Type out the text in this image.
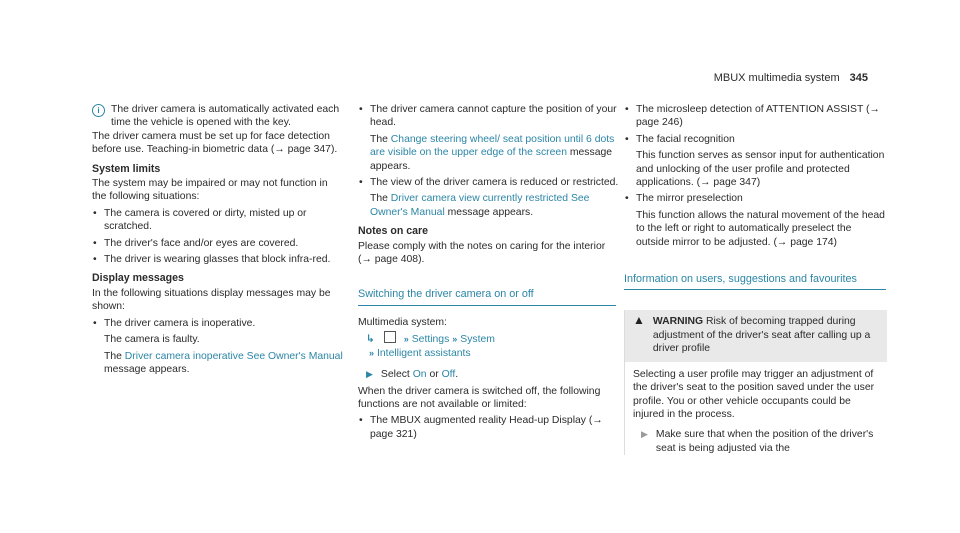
MBUX multimedia system 345
i	The driver camera is automatically activated each time the vehicle is opened with the key.

The driver camera must be set up for face detection before use. Teaching-in biometric data (→ page 347).

System limits

The system may be impaired or may not function in the following situations:

• The camera is covered or dirty, misted up or scratched.
• The driver's face and/or eyes are covered.
• The driver is wearing glasses that block infra-red.
Display messages

In the following situations display messages may be shown:

• The driver camera is inoperative.

The camera is faulty.

The Driver camera inoperative See Owner's Manual message appears.

• The driver camera cannot capture the position of your head.

The Change steering wheel/ seat position until 6 dots are visible on the upper edge of the screen message appears.

• The view of the driver camera is reduced or restricted.

The Driver camera view currently restricted See Owner's Manual message appears.

Notes on care

Please comply with the notes on caring for the interior (→ page 408).

Switching the driver camera on or off

Multimedia system:

↳	» Settings » System
» Intelligent assistants
▶ Select On or Off.

When the driver camera is switched off, the following functions are not available or limited:

• The MBUX augmented reality Head-up Display (→ page 321)
• The microsleep detection of ATTENTION ASSIST (→ page 246)
• The facial recognition

This function serves as sensor input for authentication and unlocking of the user profile and protected applications. (→ page 347)

• The mirror preselection

This function allows the natural movement of the head to the left or right to automatically preselect the outside mirror to be adjusted. (→ page 174)

Information on users, suggestions and favourites
▲ WARNING Risk of becoming trapped during adjustment of the driver's seat after calling up a driver profile

Selecting a user profile may trigger an adjustment of the driver's seat to the position saved under the user profile. You or other vehicle occupants could be injured in the process.

▶ Make sure that when the position of the driver's seat is being adjusted via the
